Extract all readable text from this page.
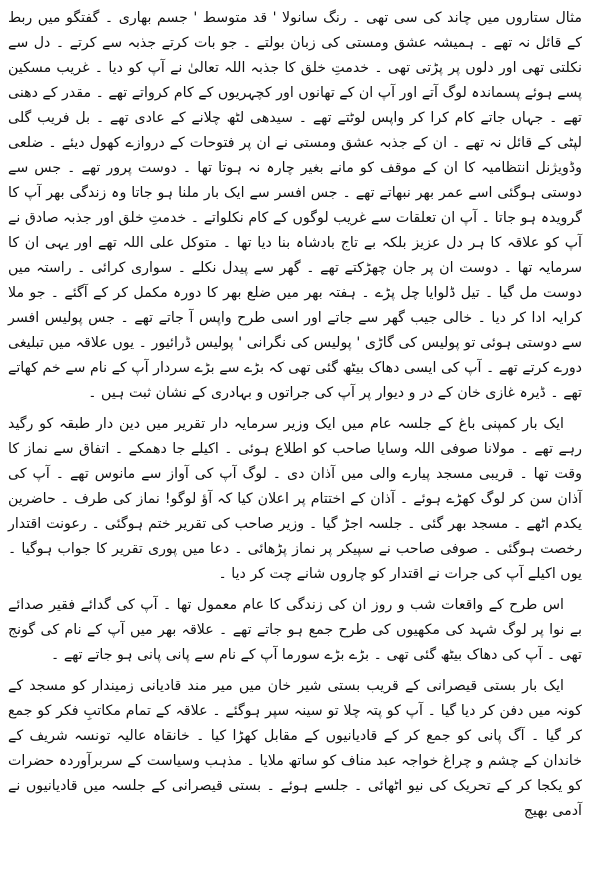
مثال ستاروں میں چاند کی سی تھی ۔ رنگ سانولا ' قد متوسط ' جسم بھاری ۔ گفتگو میں ربط کے قائل نہ تھے ۔ ہمیشہ عشق ومستی کی زبان بولتے ۔ جو بات کرتے جذبہ سے کرتے ۔ دل سے نکلتی تھی اور دلوں پر پڑتی تھی ۔ خدمتِ خلق کا جذبہ اللہ تعالیٰ نے آپ کو دیا ۔ غریب مسکین پسے ہوئے پسماندہ لوگ آتے اور آپ ان کے تھانوں اور کچہریوں کے کام کرواتے تھے ۔ مقدر کے دھنی تھے ۔ جہاں جاتے کام کرا کر واپس لوٹتے تھے ۔ سیدھی لٹھ چلانے کے عادی تھے ۔ بل فریب گلی لپٹی کے قائل نہ تھے ۔ ان کے جذبہ عشق ومستی نے ان پر فتوحات کے دروازے کھول دیئے ۔ ضلعی وڈویژنل انتظامیہ کا ان کے موقف کو مانے بغیر چارہ نہ ہوتا تھا ۔ دوست پرور تھے ۔ جس سے دوستی ہوگئی اسے عمر بھر نبھاتے تھے ۔ جس افسر سے ایک بار ملنا ہو جاتا وہ زندگی بھر آپ کا گرویدہ ہو جاتا ۔ آپ ان تعلقات سے غریب لوگوں کے کام نکلواتے ۔ خدمتِ خلق اور جذبہ صادق نے آپ کو علاقہ کا ہر دل عزیز بلکہ بے تاج بادشاہ بنا دیا تھا ۔ متوکل علی اللہ تھے اور یہی ان کا سرمایہ تھا ۔ دوست ان پر جان چھڑکتے تھے ۔ گھر سے پیدل نکلے ۔ سواری کرائی ۔ راستہ میں دوست مل گیا ۔ تیل ڈلوایا چل پڑے ۔ ہفتہ بھر میں ضلع بھر کا دورہ مکمل کر کے آگئے ۔ جو ملا کرایہ ادا کر دیا ۔ خالی جیب گھر سے جاتے اور اسی طرح واپس آ جاتے تھے ۔ جس پولیس افسر سے دوستی ہوئی تو پولیس کی گاڑی ' پولیس کی نگرانی ' پولیس ڈرائیور ۔ یوں علاقہ میں تبلیغی دورے کرتے تھے ۔ آپ کی ایسی دھاک بیٹھ گئی تھی کہ بڑے سے بڑے سردار آپ کے نام سے خم کھاتے تھے ۔ ڈیرہ غازی خان کے در و دیوار پر آپ کی جراتوں و بہادری کے نشان ثبت ہیں ۔

ایک بار کمپنی باغ کے جلسہ عام میں ایک وزیر سرمایہ دار تقریر میں دین دار طبقہ کو رگید رہے تھے ۔ مولانا صوفی اللہ وسایا صاحب کو اطلاع ہوئی ۔ اکیلے جا دھمکے ۔ اتفاق سے نماز کا وقت تھا ۔ قریبی مسجد پیارے والی میں آذان دی ۔ لوگ آپ کی آواز سے مانوس تھے ۔ آپ کی آذان سن کر لوگ کھڑے ہوئے ۔ آذان کے اختتام پر اعلان کیا کہ آؤ لوگو! نماز کی طرف ۔ حاضرین یکدم اٹھے ۔ مسجد بھر گئی ۔ جلسہ اجڑ گیا ۔ وزیر صاحب کی تقریر ختم ہوگئی ۔ رعونت اقتدار رخصت ہوگئی ۔ صوفی صاحب نے سپیکر پر نماز پڑھائی ۔ دعا میں پوری تقریر کا جواب ہوگیا ۔ یوں اکیلے آپ کی جرات نے اقتدار کو چاروں شانے چت کر دیا ۔

اس طرح کے واقعات شب و روز ان کی زندگی کا عام معمول تھا ۔ آپ کی گدائے فقیر صدائے بے نوا پر لوگ شہد کی مکھیوں کی طرح جمع ہو جاتے تھے ۔ علاقہ بھر میں آپ کے نام کی گونج تھی ۔ آپ کی دھاک بیٹھ گئی تھی ۔ بڑے بڑے سورما آپ کے نام سے پانی پانی ہو جاتے تھے ۔

ایک بار بستی قیصرانی کے قریب بستی شیر خان میں میر مند قادیانی زمیندار کو مسجد کے کونہ میں دفن کر دیا گیا ۔ آپ کو پتہ چلا تو سینہ سپر ہوگئے ۔ علاقہ کے تمام مکاتبِ فکر کو جمع کر گیا ۔ آگ پانی کو جمع کر کے قادیانیوں کے مقابل کھڑا کیا ۔ خانقاہ عالیہ تونسہ شریف کے خاندان کے چشم و چراغ خواجہ عبد مناف کو ساتھ ملایا ۔ مذہب وسیاست کے سربرآوردہ حضرات کو یکجا کر کے تحریک کی نیو اٹھائی ۔ جلسے ہوئے ۔ بستی قیصرانی کے جلسہ میں قادیانیوں نے آدمی بھیج
